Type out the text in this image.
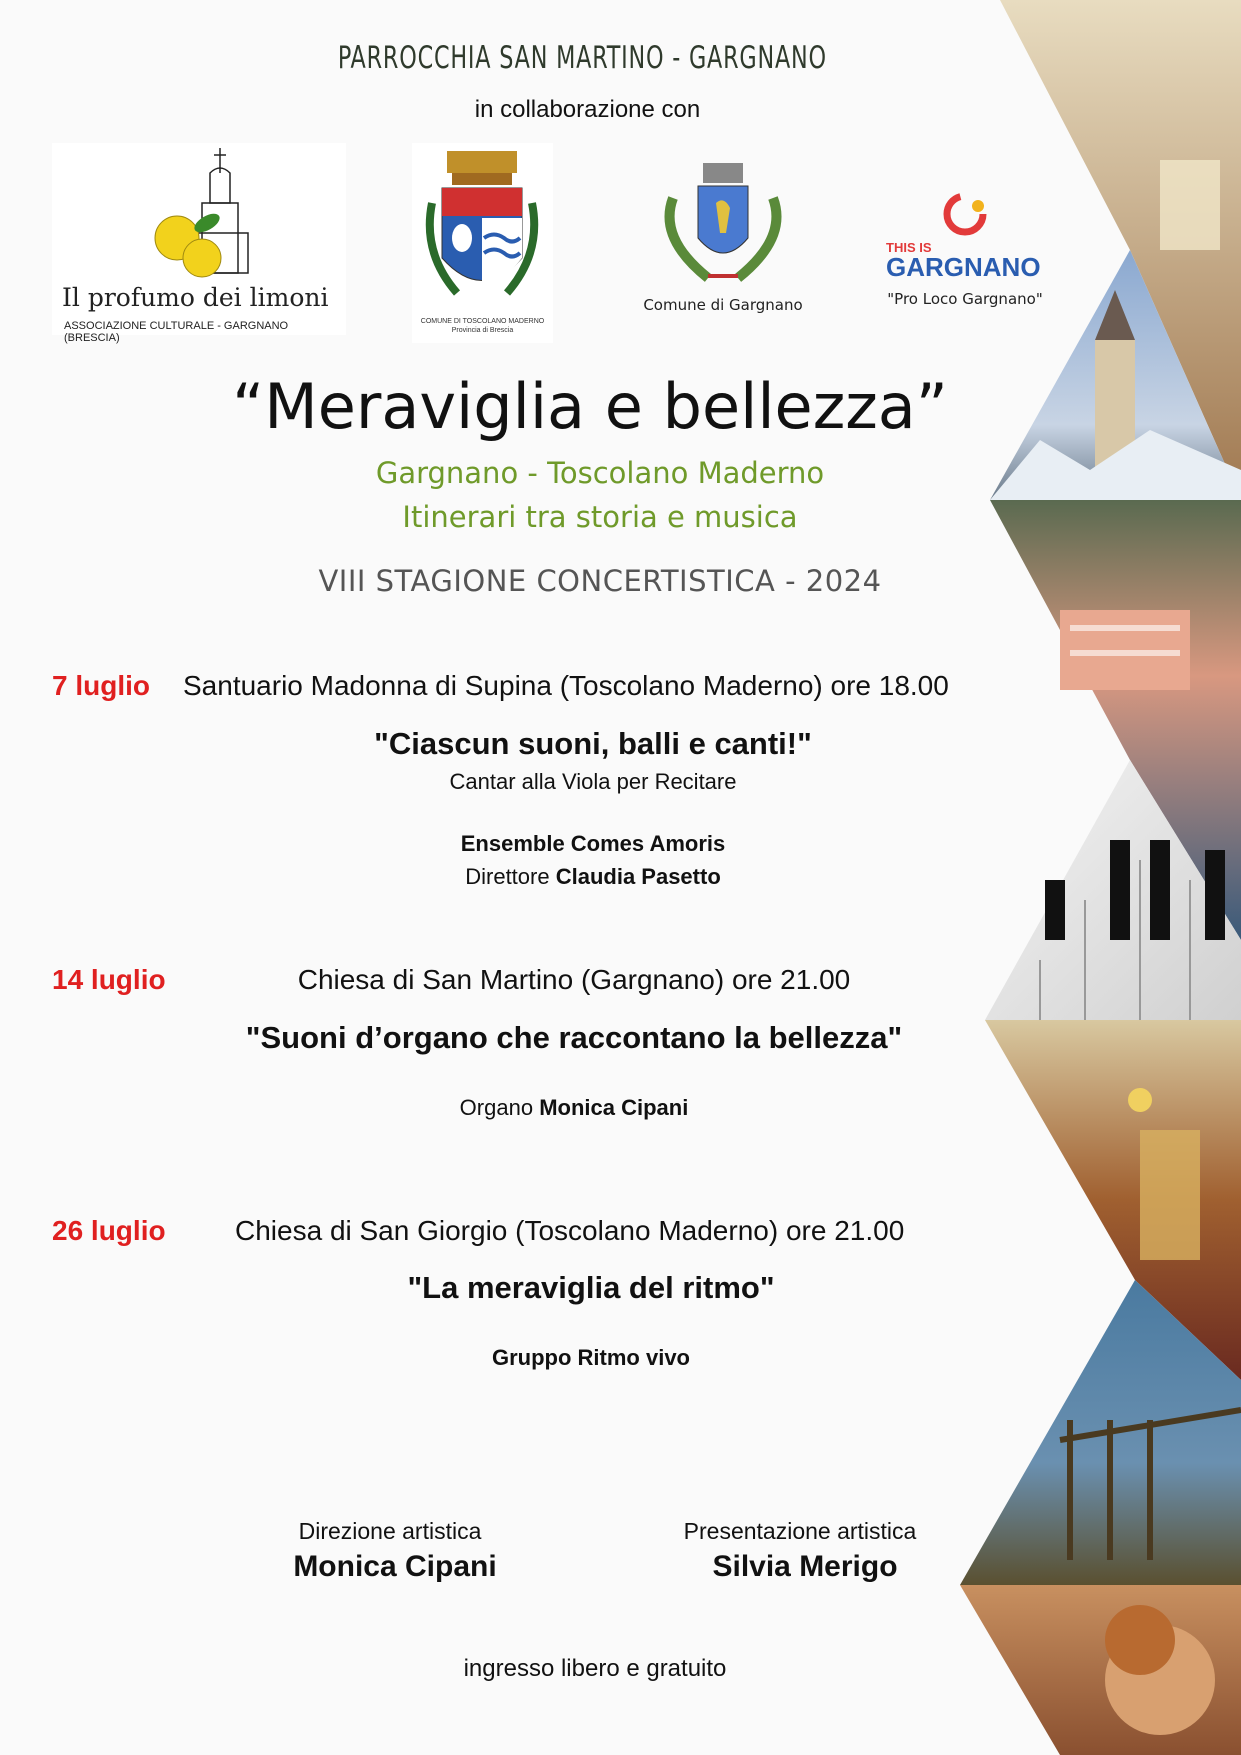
PARROCCHIA SAN MARTINO - GARGNANO
in collaborazione con
Il profumo dei limoni
ASSOCIAZIONE CULTURALE - GARGNANO (BRESCIA)
COMUNE DI TOSCOLANO MADERNO
Provincia di Brescia
Comune di Gargnano
THIS IS
GARGNANO
"Pro Loco Gargnano"
“Meraviglia e bellezza”
Gargnano - Toscolano Maderno
Itinerari tra storia e musica
VIII STAGIONE CONCERTISTICA - 2024
7 luglio Santuario Madonna di Supina (Toscolano Maderno) ore 18.00
"Ciascun suoni, balli e canti!"
Cantar alla Viola per Recitare
Ensemble Comes Amoris
Direttore Claudia Pasetto
14 luglio	Chiesa di San Martino (Gargnano) ore 21.00
"Suoni d’organo che raccontano la bellezza"
Organo Monica Cipani
26 luglio Chiesa di San Giorgio (Toscolano Maderno) ore 21.00
"La meraviglia del ritmo"
Gruppo Ritmo vivo
Direzione artistica
Monica Cipani
Presentazione artistica
Silvia Merigo
ingresso libero e gratuito
